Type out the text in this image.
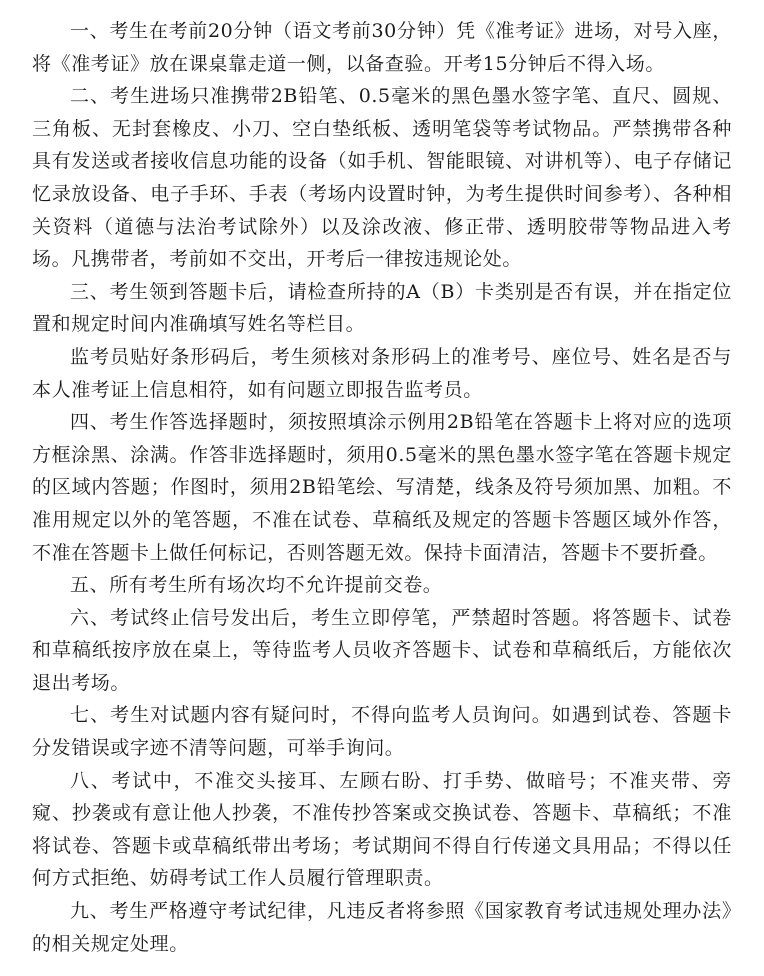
一、考生在考前20分钟（语文考前30分钟）凭《准考证》进场，对号入座，将《准考证》放在课桌靠走道一侧，以备查验。开考15分钟后不得入场。

二、考生进场只准携带2B铅笔、0.5毫米的黑色墨水签字笔、直尺、圆规、三角板、无封套橡皮、小刀、空白垫纸板、透明笔袋等考试物品。严禁携带各种具有发送或者接收信息功能的设备（如手机、智能眼镜、对讲机等）、电子存储记忆录放设备、电子手环、手表（考场内设置时钟，为考生提供时间参考）、各种相关资料（道德与法治考试除外）以及涂改液、修正带、透明胶带等物品进入考场。凡携带者，考前如不交出，开考后一律按违规论处。

三、考生领到答题卡后，请检查所持的A（B）卡类别是否有误，并在指定位置和规定时间内准确填写姓名等栏目。

监考员贴好条形码后，考生须核对条形码上的准考号、座位号、姓名是否与本人准考证上信息相符，如有问题立即报告监考员。

四、考生作答选择题时，须按照填涂示例用2B铅笔在答题卡上将对应的选项方框涂黑、涂满。作答非选择题时，须用0.5毫米的黑色墨水签字笔在答题卡规定的区域内答题；作图时，须用2B铅笔绘、写清楚，线条及符号须加黑、加粗。不准用规定以外的笔答题，不准在试卷、草稿纸及规定的答题卡答题区域外作答，不准在答题卡上做任何标记，否则答题无效。保持卡面清洁，答题卡不要折叠。

五、所有考生所有场次均不允许提前交卷。

六、考试终止信号发出后，考生立即停笔，严禁超时答题。将答题卡、试卷和草稿纸按序放在桌上，等待监考人员收齐答题卡、试卷和草稿纸后，方能依次退出考场。

七、考生对试题内容有疑问时，不得向监考人员询问。如遇到试卷、答题卡分发错误或字迹不清等问题，可举手询问。

八、考试中，不准交头接耳、左顾右盼、打手势、做暗号；不准夹带、旁窥、抄袭或有意让他人抄袭，不准传抄答案或交换试卷、答题卡、草稿纸；不准将试卷、答题卡或草稿纸带出考场；考试期间不得自行传递文具用品；不得以任何方式拒绝、妨碍考试工作人员履行管理职责。

九、考生严格遵守考试纪律，凡违反者将参照《国家教育考试违规处理办法》的相关规定处理。
